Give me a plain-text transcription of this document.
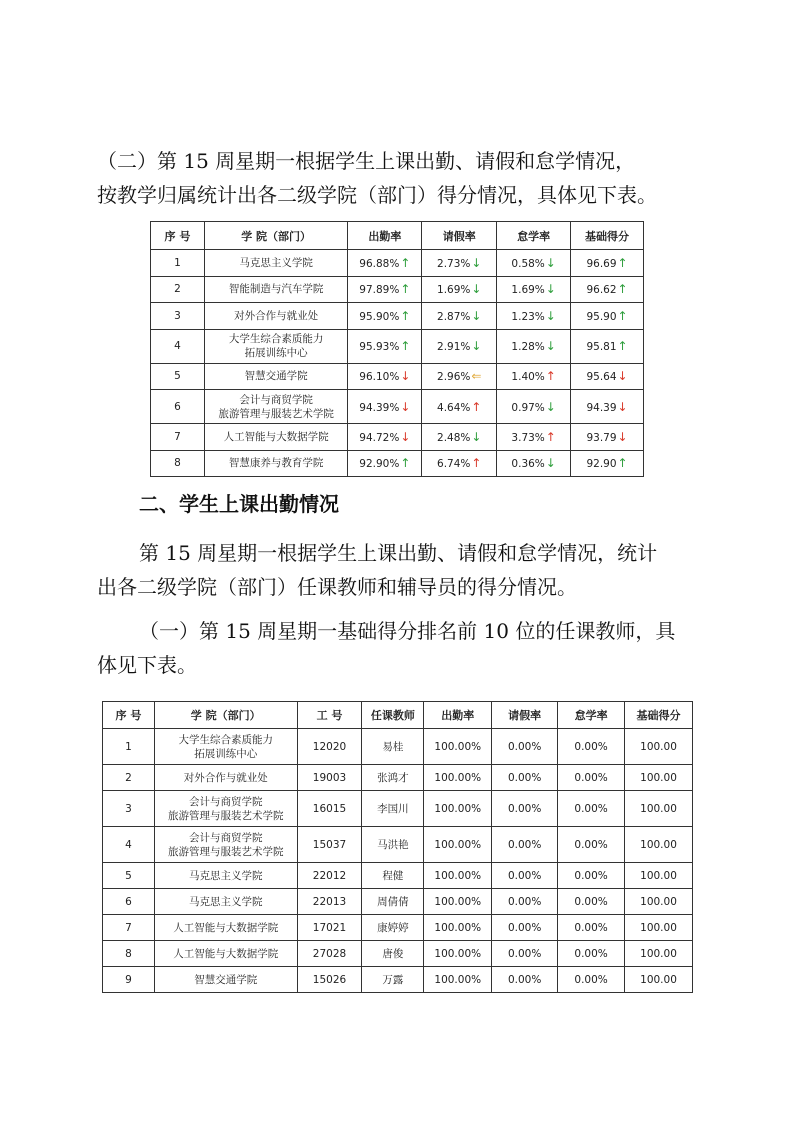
（二）第 15 周星期一根据学生上课出勤、请假和怠学情况，

按教学归属统计出各二级学院（部门）得分情况，具体见下表。

序 号	学 院（部门）	出勤率	请假率	怠学率	基础得分
1	马克思主义学院	96.88%↑	2.73%↓	0.58%↓	96.69↑
2	智能制造与汽车学院	97.89%↑	1.69%↓	1.69%↓	96.62↑
3	对外合作与就业处	95.90%↑	2.87%↓	1.23%↓	95.90↑
4	大学生综合素质能力
拓展训练中心	95.93%↑	2.91%↓	1.28%↓	95.81↑
5	智慧交通学院	96.10%↓	2.96%⇐	1.40%↑	95.64↓
6	会计与商贸学院
旅游管理与服装艺术学院	94.39%↓	4.64%↑	0.97%↓	94.39↓
7	人工智能与大数据学院	94.72%↓	2.48%↓	3.73%↑	93.79↓
8	智慧康养与教育学院	92.90%↑	6.74%↑	0.36%↓	92.90↑

二、学生上课出勤情况

第 15 周星期一根据学生上课出勤、请假和怠学情况，统计

出各二级学院（部门）任课教师和辅导员的得分情况。

（一）第 15 周星期一基础得分排名前 10 位的任课教师，具

体见下表。

序 号	学 院（部门）	工 号	任课教师	出勤率	请假率	怠学率	基础得分
1	大学生综合素质能力
拓展训练中心	12020	易桂	100.00%	0.00%	0.00%	100.00
2	对外合作与就业处	19003	张鸿才	100.00%	0.00%	0.00%	100.00
3	会计与商贸学院
旅游管理与服装艺术学院	16015	李国川	100.00%	0.00%	0.00%	100.00
4	会计与商贸学院
旅游管理与服装艺术学院	15037	马洪艳	100.00%	0.00%	0.00%	100.00
5	马克思主义学院	22012	程健	100.00%	0.00%	0.00%	100.00
6	马克思主义学院	22013	周倩倩	100.00%	0.00%	0.00%	100.00
7	人工智能与大数据学院	17021	康婷婷	100.00%	0.00%	0.00%	100.00
8	人工智能与大数据学院	27028	唐俊	100.00%	0.00%	0.00%	100.00
9	智慧交通学院	15026	万露	100.00%	0.00%	0.00%	100.00
